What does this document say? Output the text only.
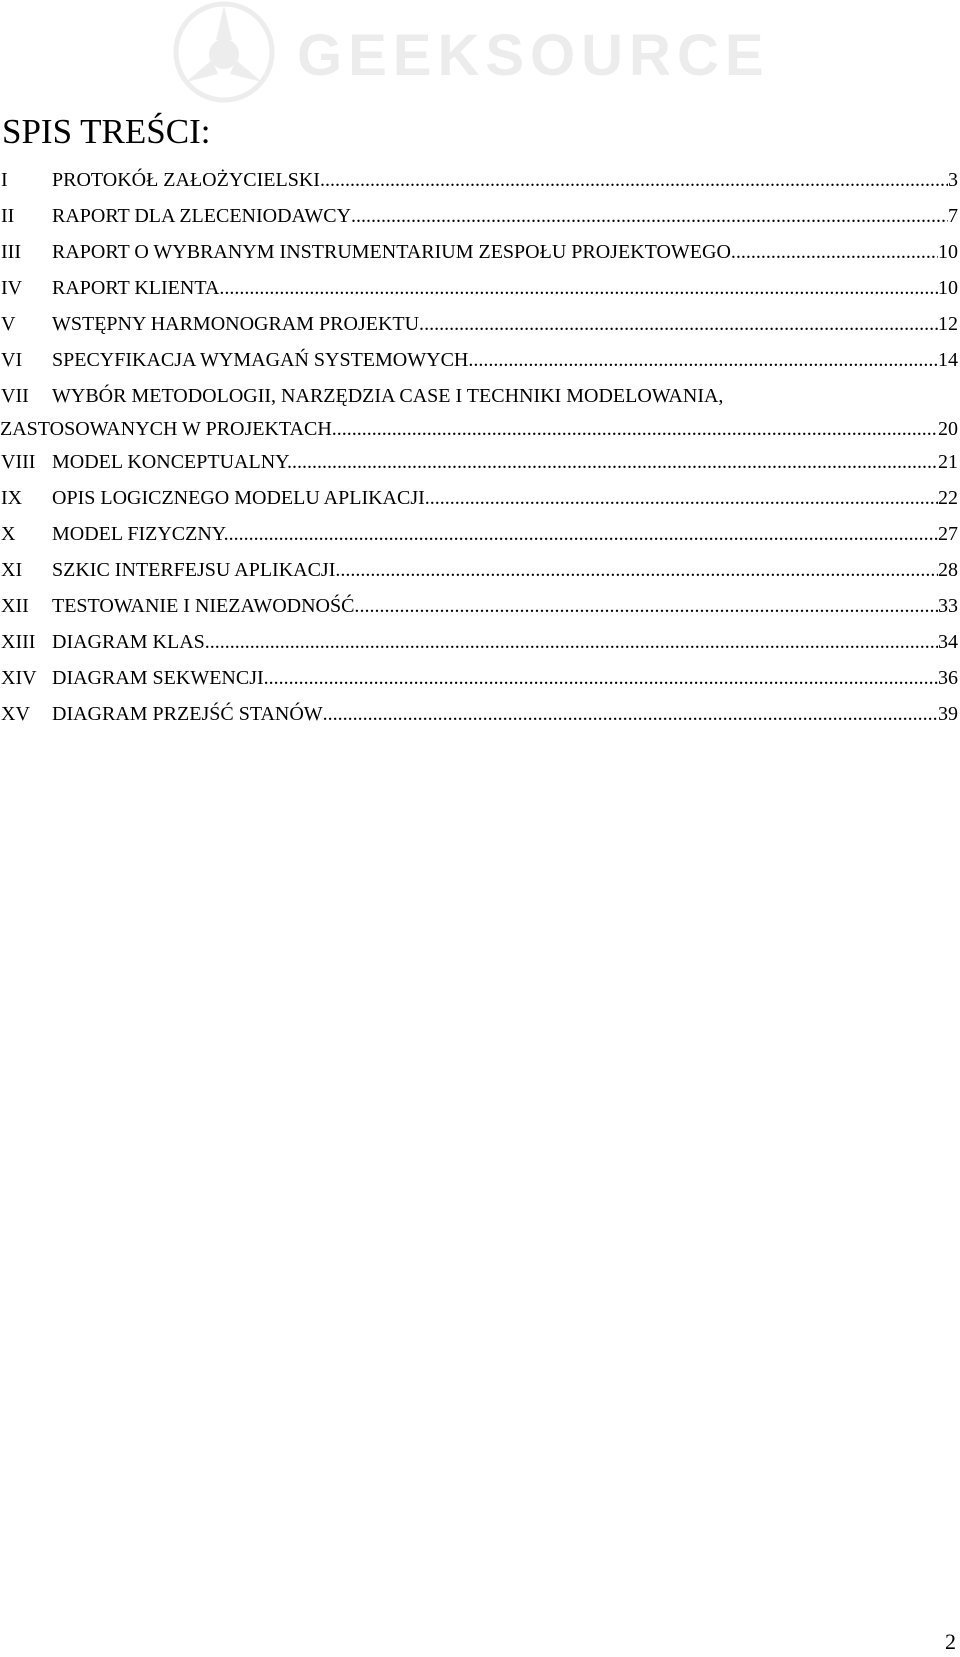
GEEKSOURCE
SPIS TREŚCI:
I	PROTOKÓŁ ZAŁOŻYCIELSKI .....	3
II	RAPORT DLA ZLECENIODAWCY .....	7
III	RAPORT O WYBRANYM INSTRUMENTARIUM ZESPOŁU PROJEKTOWEGO. .....	10
IV	RAPORT KLIENTA. .....	10
V	WSTĘPNY HARMONOGRAM PROJEKTU. .....	12
VI	SPECYFIKACJA WYMAGAŃ SYSTEMOWYCH. .....	14
VII	WYBÓR METODOLOGII, NARZĘDZIA CASE I TECHNIKI MODELOWANIA,
ZASTOSOWANYCH W PROJEKTACH. .....	20
VIII MODEL KONCEPTUALNY. .....	21
IX	OPIS LOGICZNEGO MODELU APLIKACJI .....	22
X	MODEL FIZYCZNY. .....	27
XI	SZKIC INTERFEJSU APLIKACJI. .....	28
XII	TESTOWANIE I NIEZAWODNOŚĆ. .....	33
XIII DIAGRAM KLAS .....	34
XIV DIAGRAM SEKWENCJI .....	36
XV	DIAGRAM PRZEJŚĆ STANÓW .....	39
2
